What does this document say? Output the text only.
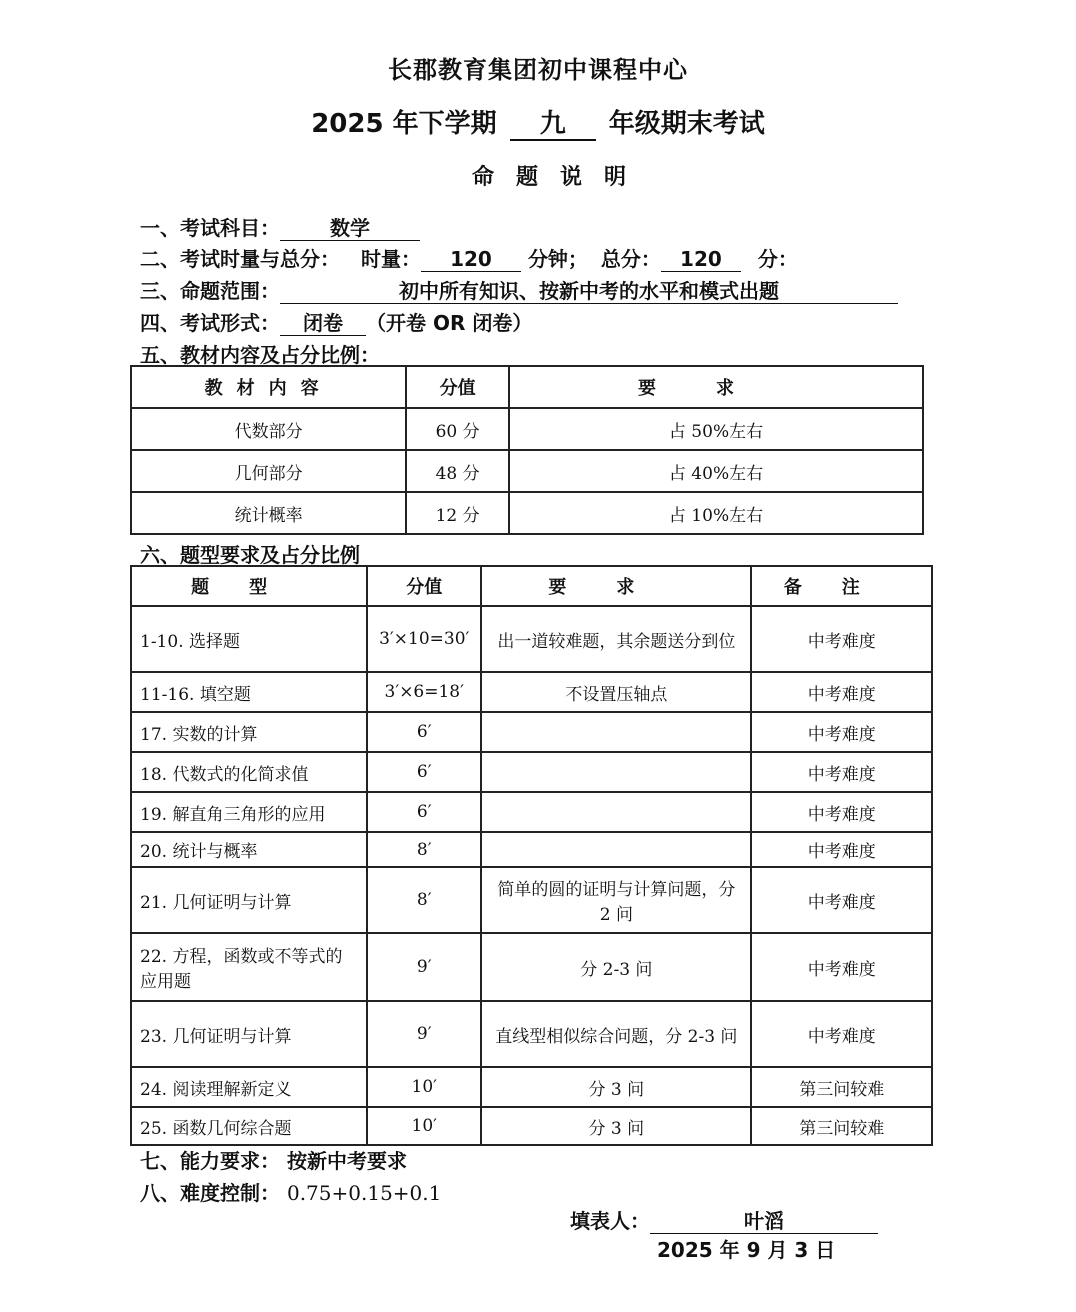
长郡教育集团初中课程中心
2025 年下学期 九 年级期末考试
命题说明
一、考试科目：	数学
二、考试时量与总分： 时量： 120 分钟； 总分： 120 分：
三、命题范围：	初中所有知识、按新中考的水平和模式出题
四、考试形式： 闭卷 （开卷 OR 闭卷）
五、教材内容及占分比例：
教材内容	分值	要求
代数部分	60 分	占 50%左右
几何部分	48 分	占 40%左右
统计概率	12 分	占 10%左右
六、题型要求及占分比例
题型	分值	要求	备注
1-10. 选择题	3′×10=30′	出一道较难题，其余题送分到位	中考难度
11-16. 填空题	3′×6=18′	不设置压轴点	中考难度
17. 实数的计算	6′		中考难度
18. 代数式的化简求值	6′		中考难度
19. 解直角三角形的应用	6′		中考难度
20. 统计与概率	8′		中考难度
21. 几何证明与计算	8′	简单的圆的证明与计算问题，分 2 问	中考难度
22. 方程，函数或不等式的应用题	9′	分 2-3 问	中考难度
23. 几何证明与计算	9′	直线型相似综合问题，分 2-3 问	中考难度
24. 阅读理解新定义	10′	分 3 问	第三问较难
25. 函数几何综合题	10′	分 3 问	第三问较难
七、能力要求： 按新中考要求
八、难度控制： 0.75+0.15+0.1
填表人：	叶滔
2025 年 9 月 3 日
